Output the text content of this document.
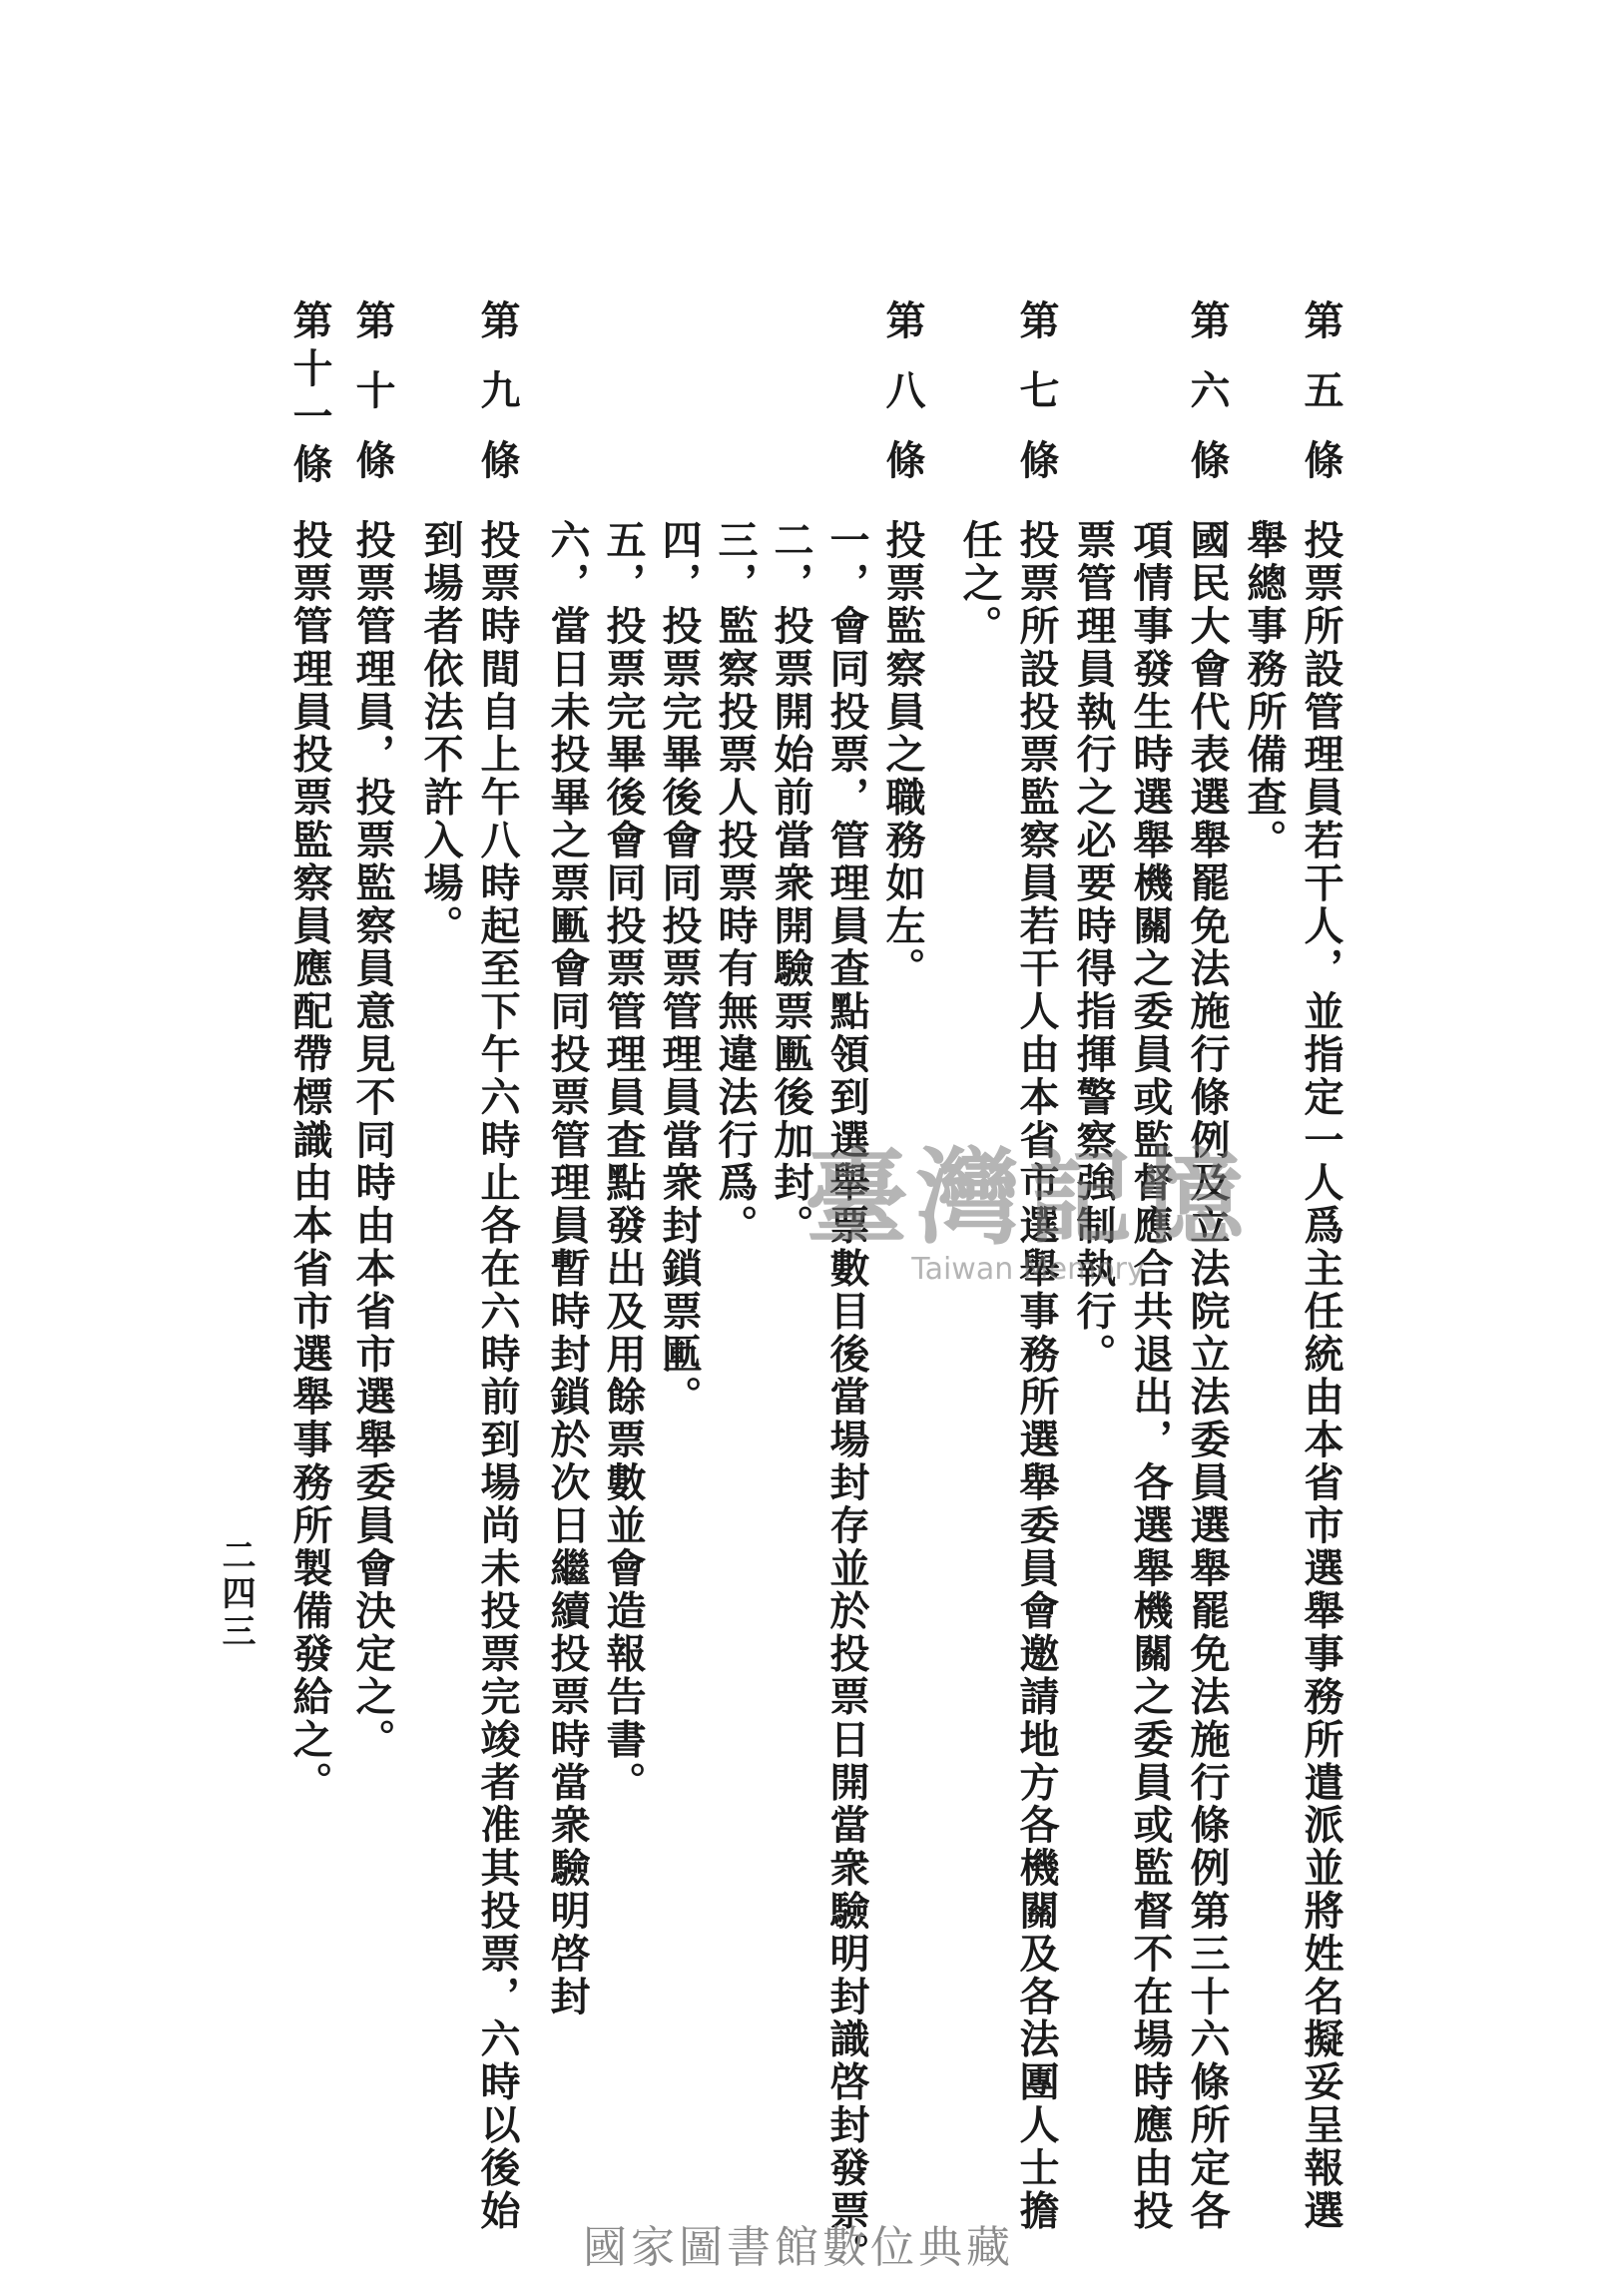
第五條
投票所設管理員若干人，並指定一人爲主任統由本省市選舉事務所遣派並將姓名擬妥呈報選
舉總事務所備查。
第六條
國民大會代表選舉罷免法施行條例及立法院立法委員選舉罷免法施行條例第三十六條所定各
項情事發生時選舉機關之委員或監督應合共退出，各選舉機關之委員或監督不在場時應由投
票管理員執行之必要時得指揮警察強制執行。
第七條
投票所設投票監察員若干人由本省市選舉事務所選舉委員會邀請地方各機關及各法團人士擔
任之。
第八條
投票監察員之職務如左。
一，會同投票，管理員查點領到選舉票數目後當場封存並於投票日開當衆驗明封識啓封發票。
二，投票開始前當衆開驗票匭後加封。
三，監察投票人投票時有無違法行爲。
四，投票完畢後會同投票管理員當衆封鎖票匭。
五，投票完畢後會同投票管理員查點發出及用餘票數並會造報告書。
六，當日未投畢之票匭會同投票管理員暫時封鎖於次日繼續投票時當衆驗明啓封
第九條
投票時間自上午八時起至下午六時止各在六時前到場尚未投票完竣者准其投票，六時以後始
到場者依法不許入場。
第十條
投票管理員，投票監察員意見不同時由本省市選舉委員會決定之。
第十一條
投票管理員投票監察員應配帶標識由本省市選舉事務所製備發給之。
二四三
臺灣記憶
Taiwan Memory
國家圖書館數位典藏
